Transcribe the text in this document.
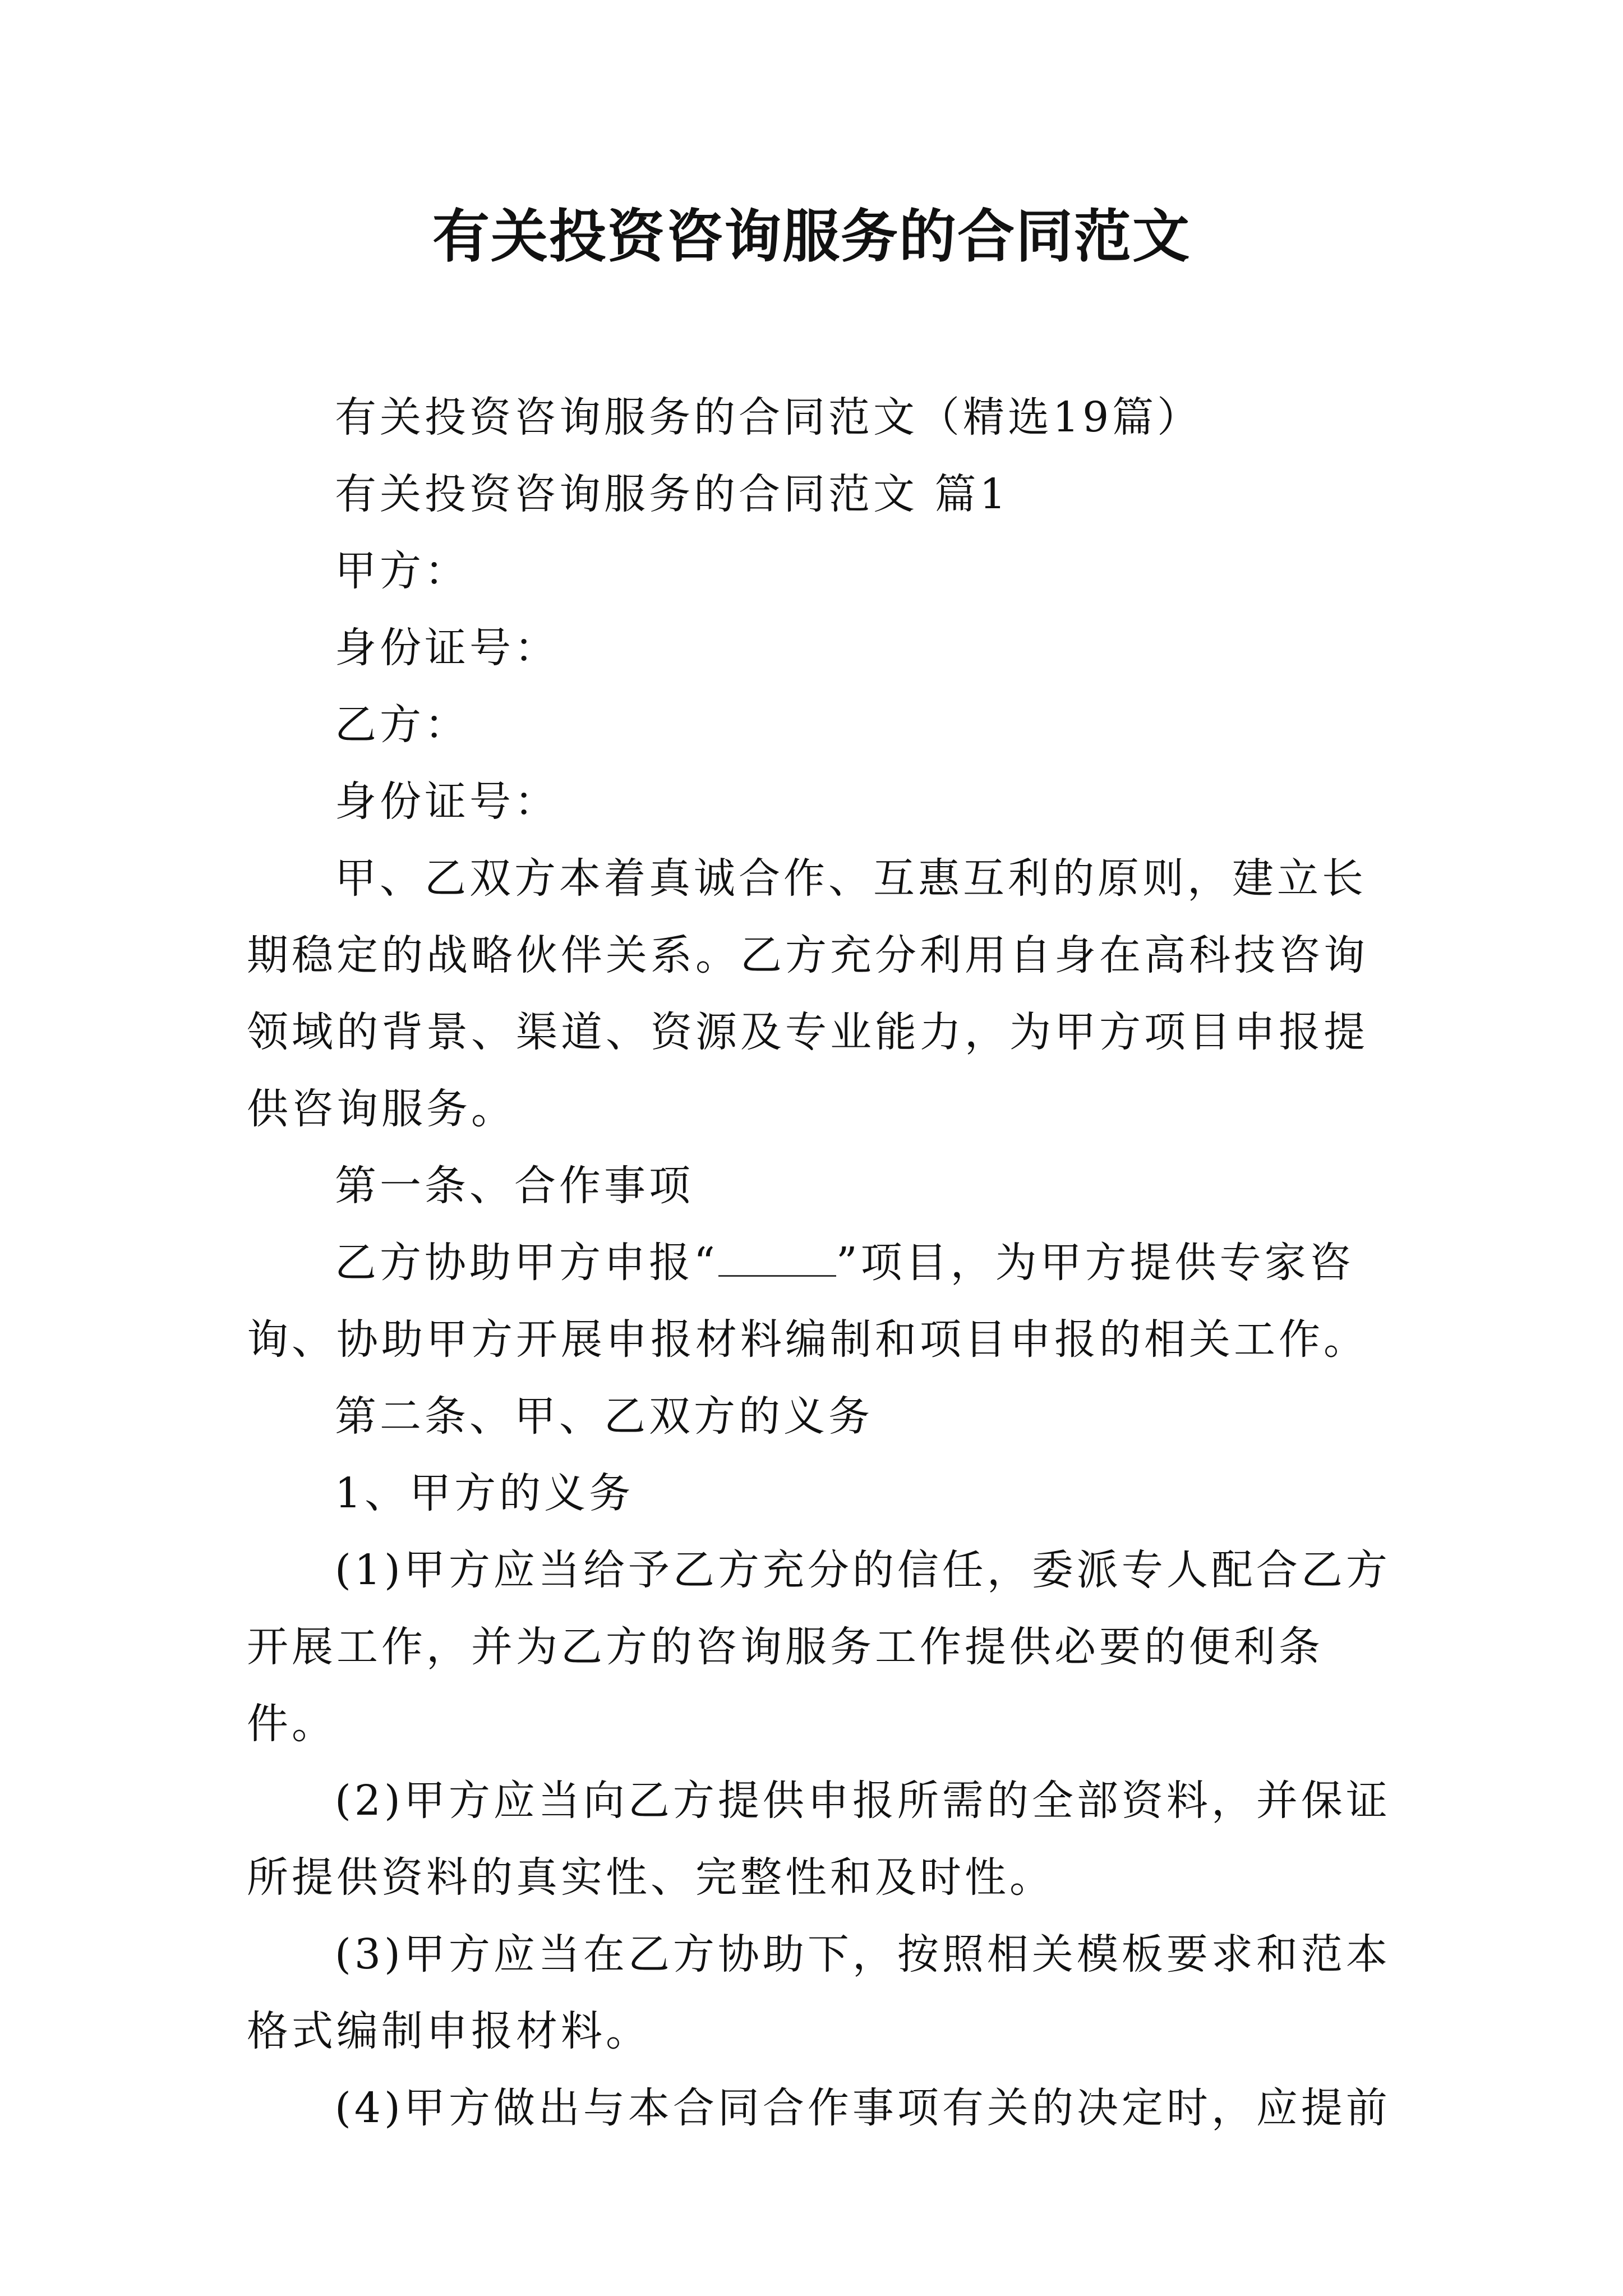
有关投资咨询服务的合同范文

有关投资咨询服务的合同范文（精选19篇）

有关投资咨询服务的合同范文 篇1

甲方：

身份证号：

乙方：

身份证号：

甲、乙双方本着真诚合作、互惠互利的原则，建立长期稳定的战略伙伴关系。乙方充分利用自身在高科技咨询领域的背景、渠道、资源及专业能力，为甲方项目申报提供咨询服务。

第一条、合作事项

乙方协助甲方申报“	”项目，为甲方提供专家咨询、协助甲方开展申报材料编制和项目申报的相关工作。

第二条、甲、乙双方的义务

1、甲方的义务

(1)甲方应当给予乙方充分的信任，委派专人配合乙方开展工作，并为乙方的咨询服务工作提供必要的便利条件。

(2)甲方应当向乙方提供申报所需的全部资料，并保证所提供资料的真实性、完整性和及时性。

(3)甲方应当在乙方协助下，按照相关模板要求和范本格式编制申报材料。

(4)甲方做出与本合同合作事项有关的决定时，应提前
